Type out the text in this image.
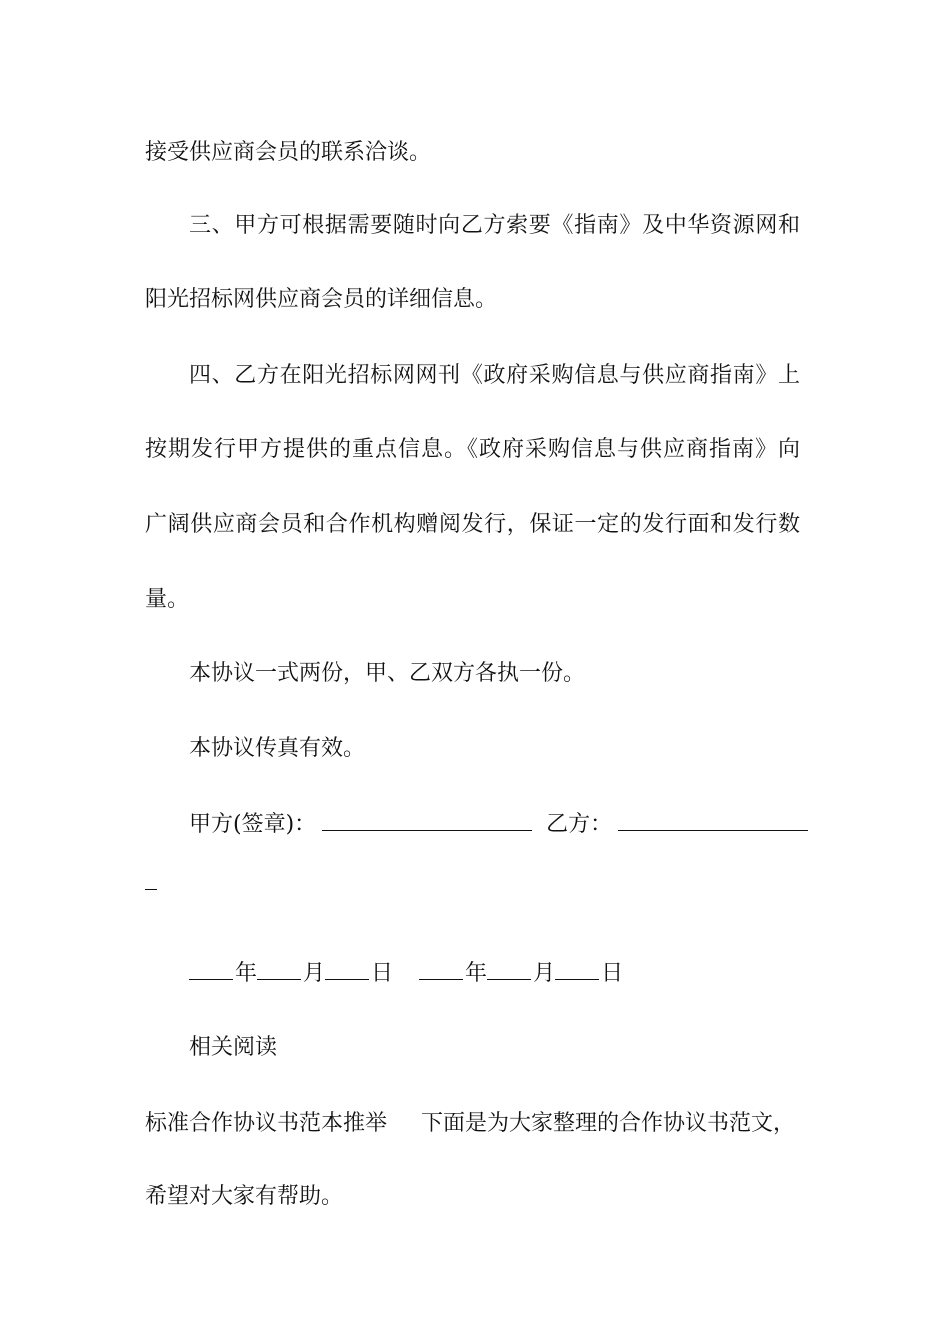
接受供应商会员的联系洽谈。
三、甲方可根据需要随时向乙方索要《指南》及中华资源网和
阳光招标网供应商会员的详细信息。
四、乙方在阳光招标网网刊《政府采购信息与供应商指南》上
按期发行甲方提供的重点信息。《政府采购信息与供应商指南》向
广阔供应商会员和合作机构赠阅发行，保证一定的发行面和发行数
量。
本协议一式两份，甲、乙双方各执一份。
本协议传真有效。
甲方(签章)：	乙方：
年 月 日	年 月 日
相关阅读
标准合作协议书范本推举 下面是为大家整理的合作协议书范文，
希望对大家有帮助。
